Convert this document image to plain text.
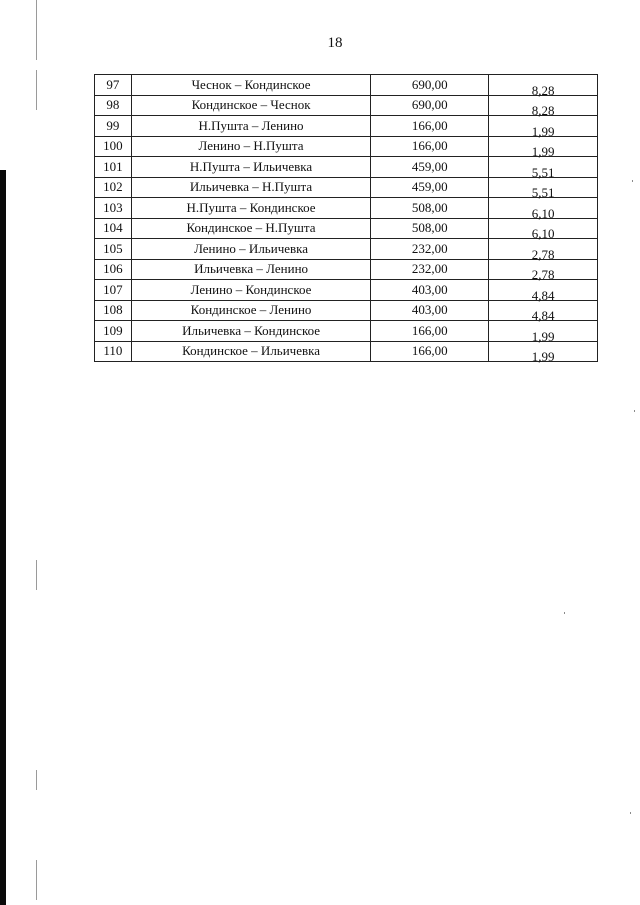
18
97	Чеснок – Кондинское	690,00	8,28
98	Кондинское – Чеснок	690,00	8,28
99	Н.Пушта – Ленино	166,00	1,99
100	Ленино – Н.Пушта	166,00	1,99
101	Н.Пушта – Ильичевка	459,00	5,51
102	Ильичевка – Н.Пушта	459,00	5,51
103	Н.Пушта – Кондинское	508,00	6,10
104	Кондинское – Н.Пушта	508,00	6,10
105	Ленино – Ильичевка	232,00	2,78
106	Ильичевка – Ленино	232,00	2,78
107	Ленино – Кондинское	403,00	4,84
108	Кондинское – Ленино	403,00	4,84
109	Ильичевка – Кондинское	166,00	1,99
110	Кондинское – Ильичевка	166,00	1,99
